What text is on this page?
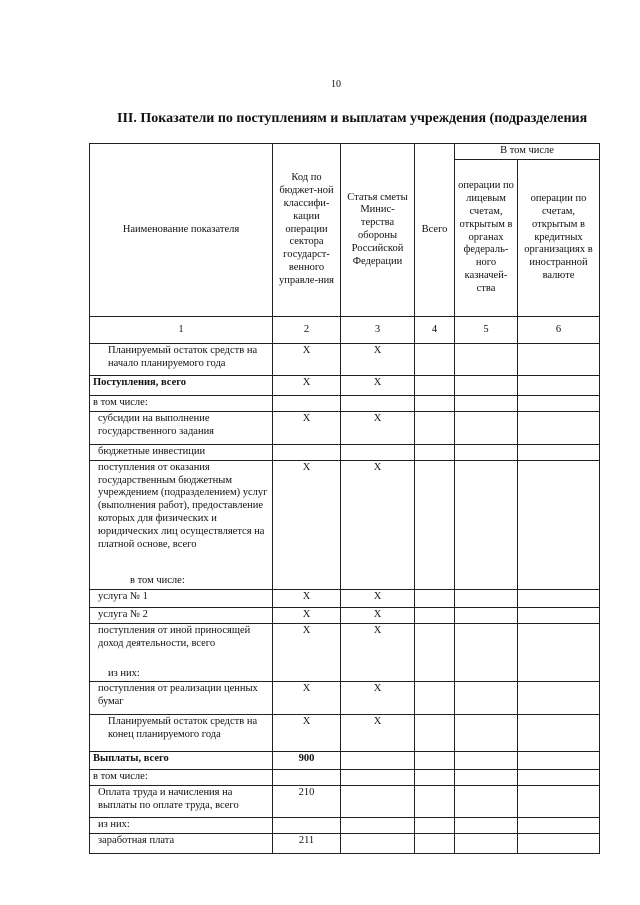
10
III. Показатели по поступлениям и выплатам учреждения (подразделения
Наименование показателя	Код по бюджет-ной классифи-кации операции сектора государст-венного управле-ния	Статья сметы Минис-терства обороны Российской Федерации	Всего	В том числе	
				операции по лицевым счетам, открытым в органах федераль-ного казначей-ства	операции по счетам, открытым в кредитных организациях в иностранной валюте
1	2	3	4	5	6
Планируемый остаток средств на начало планируемого года	X	X			
Поступления, всего	X	X			
в том числе:					
субсидии на выполнение государственного задания	X	X			
бюджетные инвестиции					
поступления от оказания государственным бюджетным учреждением (подразделением) услуг (выполнения работ), предоставление которых для физических и юридических лиц осуществляется на платной основе, всего	X	X			
в том числе:					
услуга № 1	X	X			
услуга № 2	X	X			
поступления от иной приносящей доход деятельности, всего	X	X			
из них:					
поступления от реализации ценных бумаг	X	X			
Планируемый остаток средств на конец планируемого года	X	X			
Выплаты, всего	900				
в том числе:					
Оплата труда и начисления на выплаты по оплате труда, всего	210				
из них:					
заработная плата	211				
